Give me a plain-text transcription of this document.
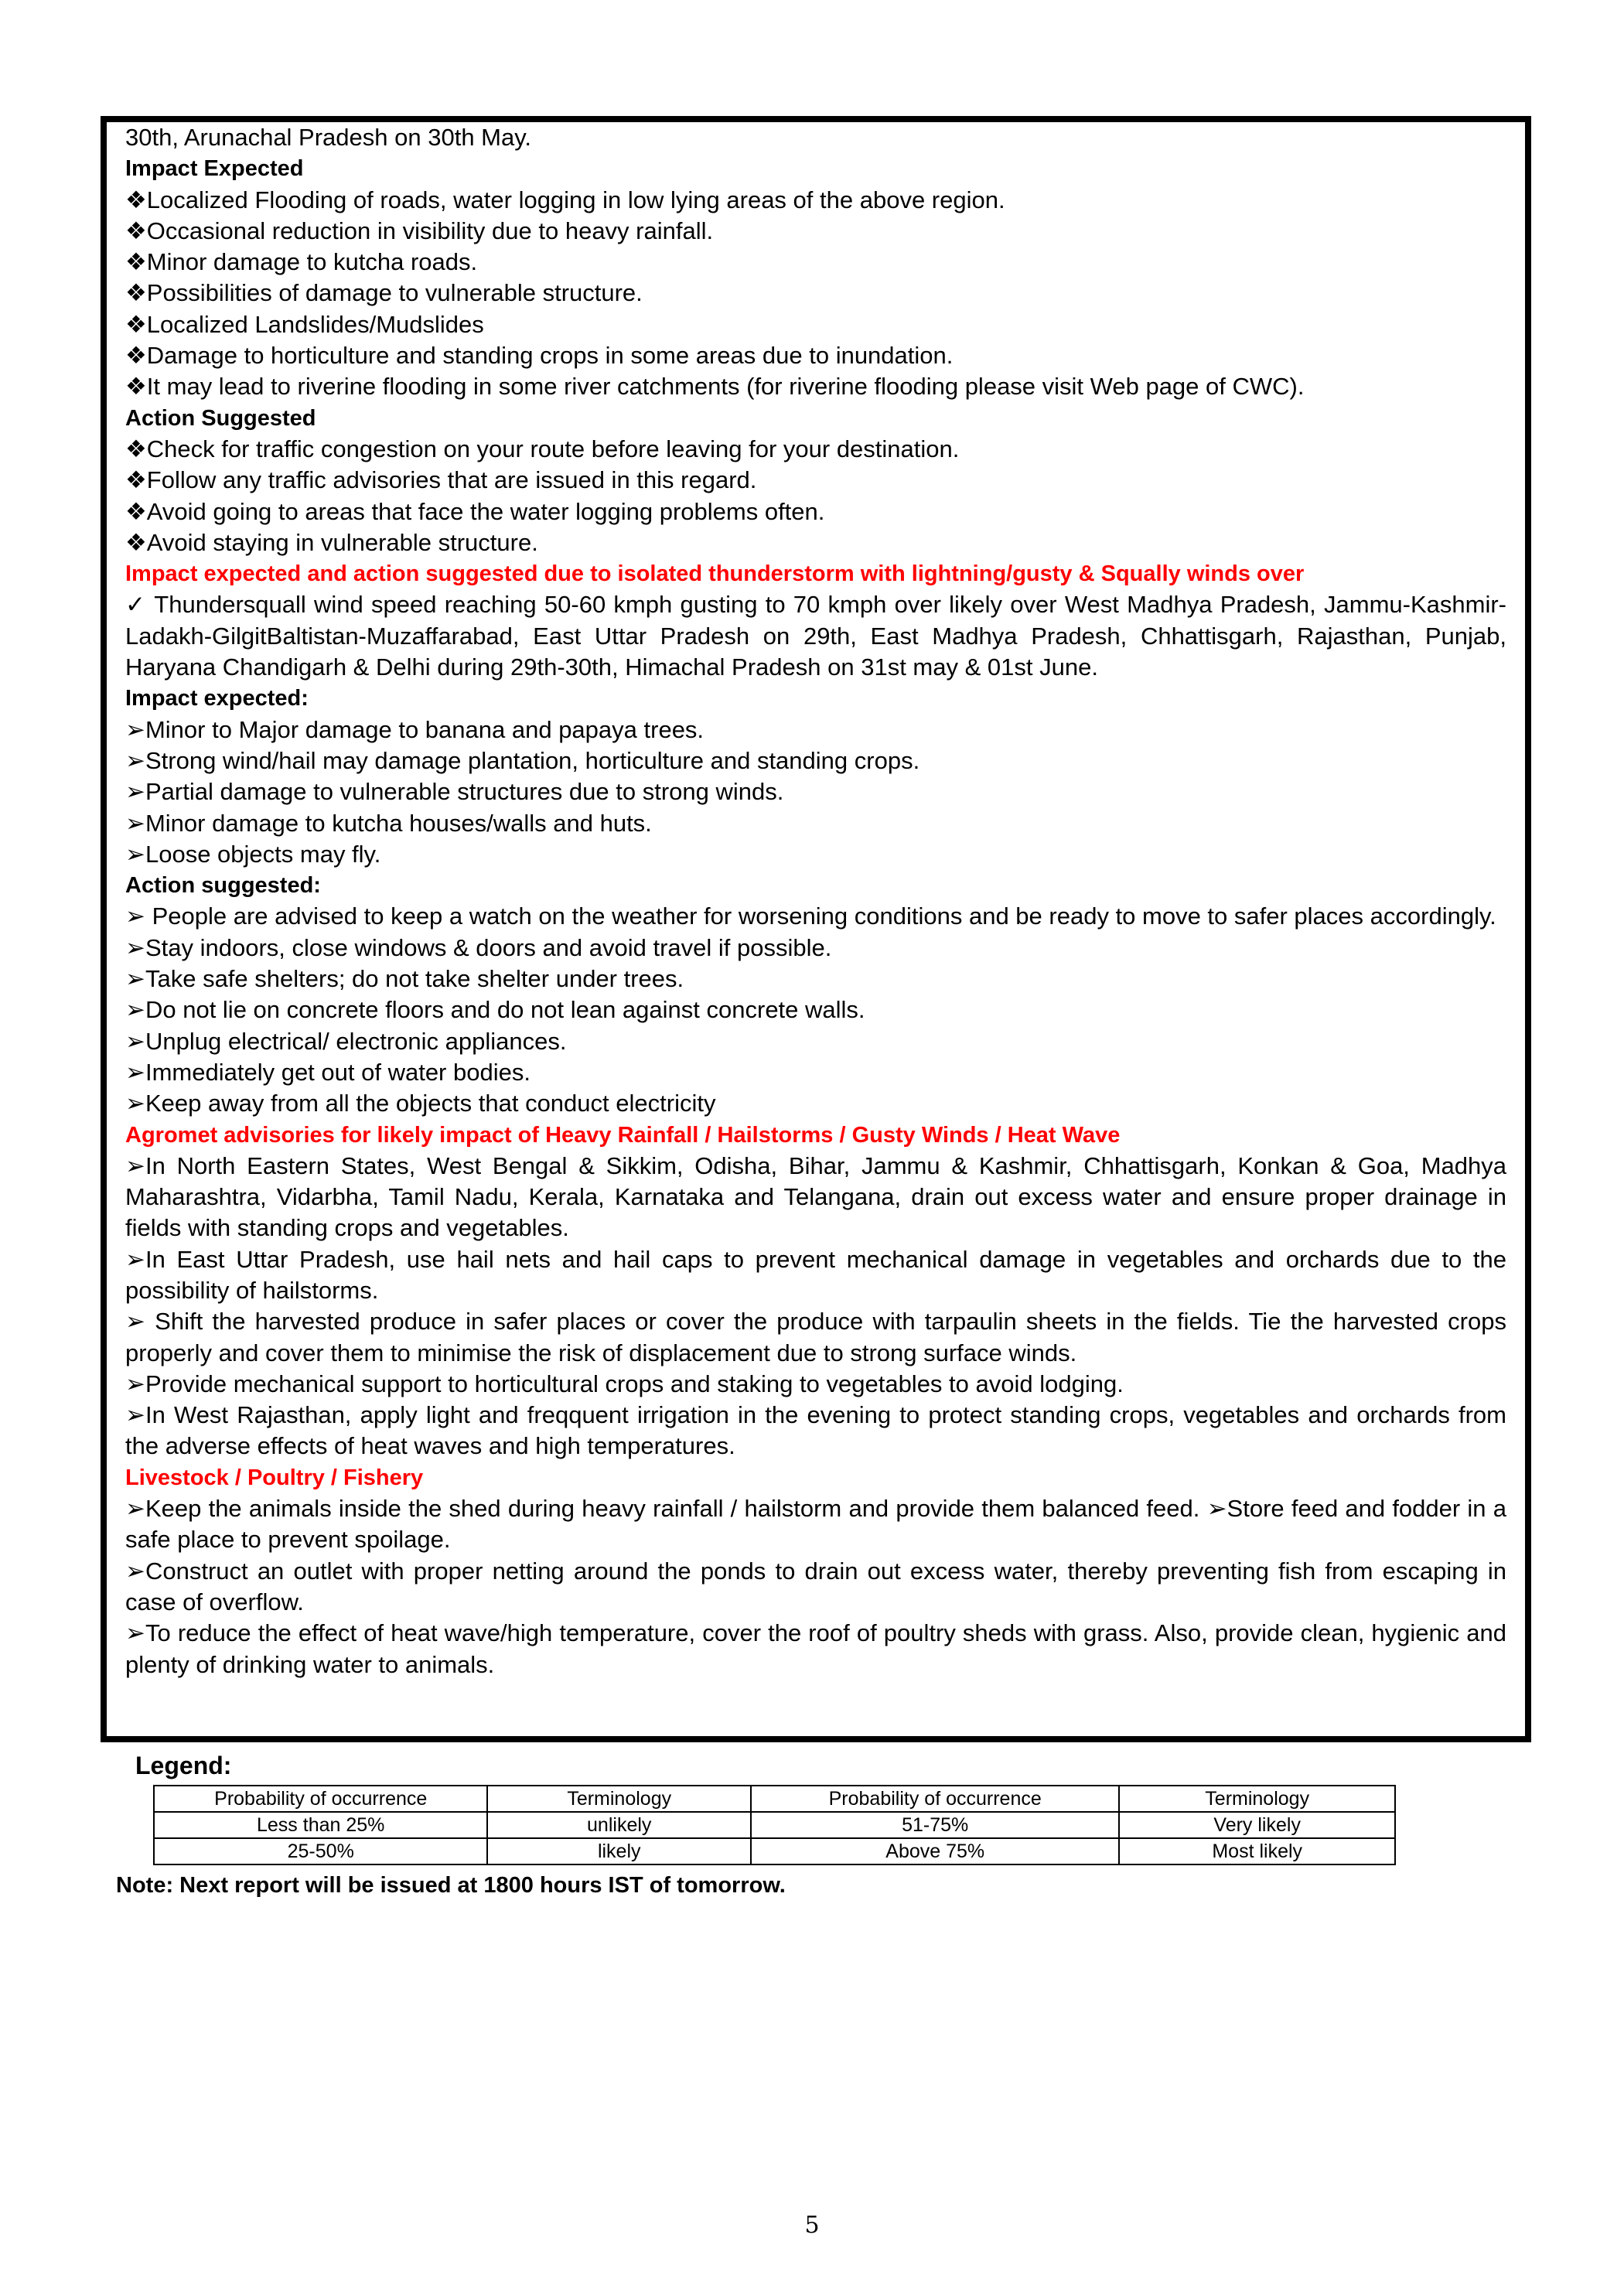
30th, Arunachal Pradesh on 30th May.
Impact Expected
❖Localized Flooding of roads, water logging in low lying areas of the above region.
❖Occasional reduction in visibility due to heavy rainfall.
❖Minor damage to kutcha roads.
❖Possibilities of damage to vulnerable structure.
❖Localized Landslides/Mudslides
❖Damage to horticulture and standing crops in some areas due to inundation.
❖It may lead to riverine flooding in some river catchments (for riverine flooding please visit Web page of CWC).
Action Suggested
❖Check for traffic congestion on your route before leaving for your destination.
❖Follow any traffic advisories that are issued in this regard.
❖Avoid going to areas that face the water logging problems often.
❖Avoid staying in vulnerable structure.
Impact expected and action suggested due to isolated thunderstorm with lightning/gusty & Squally winds over
✓ Thundersquall wind speed reaching 50-60 kmph gusting to 70 kmph over likely over West Madhya Pradesh, Jammu-Kashmir-Ladakh-GilgitBaltistan-Muzaffarabad, East Uttar Pradesh on 29th, East Madhya Pradesh, Chhattisgarh, Rajasthan, Punjab, Haryana Chandigarh & Delhi during 29th-30th, Himachal Pradesh on 31st may & 01st June.
Impact expected:
➢Minor to Major damage to banana and papaya trees.
➢Strong wind/hail may damage plantation, horticulture and standing crops.
➢Partial damage to vulnerable structures due to strong winds.
➢Minor damage to kutcha houses/walls and huts.
➢Loose objects may fly.
Action suggested:
➢ People are advised to keep a watch on the weather for worsening conditions and be ready to move to safer places accordingly.
➢Stay indoors, close windows & doors and avoid travel if possible.
➢Take safe shelters; do not take shelter under trees.
➢Do not lie on concrete floors and do not lean against concrete walls.
➢Unplug electrical/ electronic appliances.
➢Immediately get out of water bodies.
➢Keep away from all the objects that conduct electricity
Agromet advisories for likely impact of Heavy Rainfall / Hailstorms / Gusty Winds / Heat Wave
➢In North Eastern States, West Bengal & Sikkim, Odisha, Bihar, Jammu & Kashmir, Chhattisgarh, Konkan & Goa, Madhya Maharashtra, Vidarbha, Tamil Nadu, Kerala, Karnataka and Telangana, drain out excess water and ensure proper drainage in fields with standing crops and vegetables.
➢In East Uttar Pradesh, use hail nets and hail caps to prevent mechanical damage in vegetables and orchards due to the possibility of hailstorms.
➢ Shift the harvested produce in safer places or cover the produce with tarpaulin sheets in the fields. Tie the harvested crops properly and cover them to minimise the risk of displacement due to strong surface winds.
➢Provide mechanical support to horticultural crops and staking to vegetables to avoid lodging.
➢In West Rajasthan, apply light and freqquent irrigation in the evening to protect standing crops, vegetables and orchards from the adverse effects of heat waves and high temperatures.
Livestock / Poultry / Fishery
➢Keep the animals inside the shed during heavy rainfall / hailstorm and provide them balanced feed. ➢Store feed and fodder in a safe place to prevent spoilage.
➢Construct an outlet with proper netting around the ponds to drain out excess water, thereby preventing fish from escaping in case of overflow.
➢To reduce the effect of heat wave/high temperature, cover the roof of poultry sheds with grass. Also, provide clean, hygienic and plenty of drinking water to animals.
Legend:
Probability of occurrence	Terminology	Probability of occurrence	Terminology
Less than 25%	unlikely	51-75%	Very likely
25-50%	likely	Above 75%	Most likely
Note: Next report will be issued at 1800 hours IST of tomorrow.
5
